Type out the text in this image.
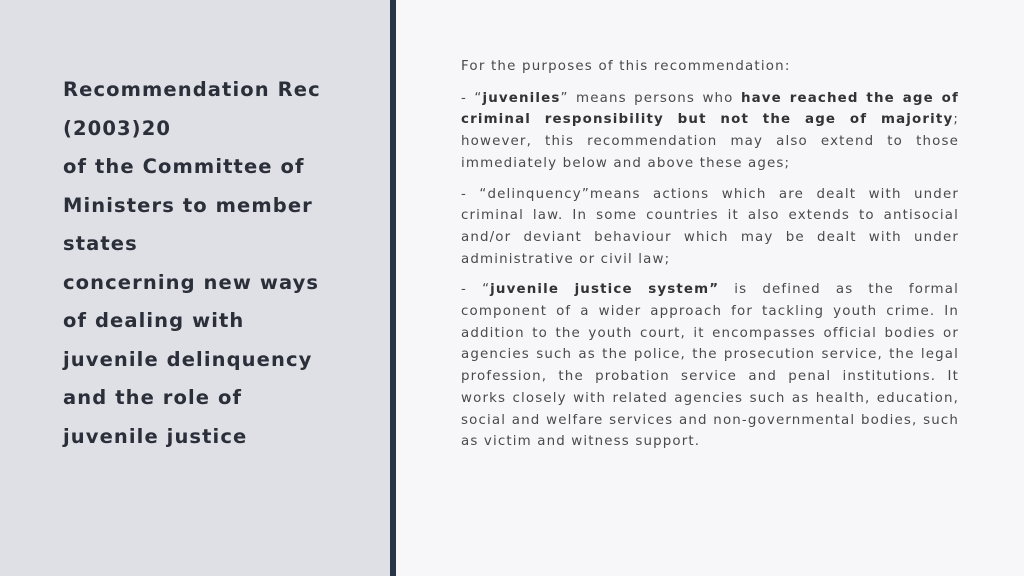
Recommendation Rec
(2003)20
of the Committee of
Ministers to member
states
concerning new ways
of dealing with
juvenile delinquency
and the role of
juvenile justice

For the purposes of this recommendation:

- “juveniles” means persons who have reached the age of criminal responsibility but not the age of majority; however, this recommendation may also extend to those immediately below and above these ages;

- “delinquency”means actions which are dealt with under criminal law. In some countries it also extends to antisocial and/or deviant behaviour which may be dealt with under administrative or civil law;

- “juvenile justice system” is defined as the formal component of a wider approach for tackling youth crime. In addition to the youth court, it encompasses official bodies or agencies such as the police, the prosecution service, the legal profession, the probation service and penal institutions. It works closely with related agencies such as health, education, social and welfare services and non-governmental bodies, such as victim and witness support.
